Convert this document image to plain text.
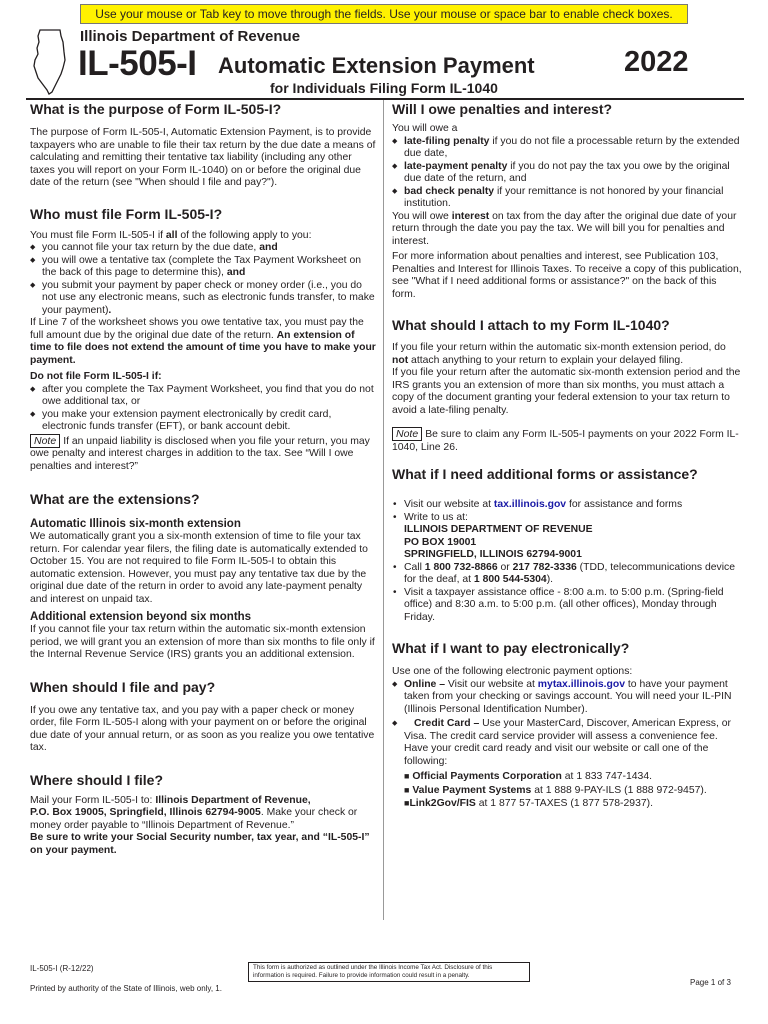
Use your mouse or Tab key to move through the fields. Use your mouse or space bar to enable check boxes.
Illinois Department of Revenue
IL-505-I Automatic Extension Payment	2022
for Individuals Filing Form IL-1040
What is the purpose of Form IL-505-I?

The purpose of Form IL-505-I, Automatic Extension Payment, is to provide taxpayers who are unable to file their tax return by the due date a means of calculating and remitting their tentative tax liability (including any other taxes you will report on your Form IL-1040) on or before the original due date of the return (see "When should I file and pay?").

Who must file Form IL-505-I?

You must file Form IL-505-I if all of the following apply to you:

◆ you cannot file your tax return by the due date, and
◆ you will owe a tentative tax (complete the Tax Payment Worksheet on the back of this page to determine this), and
◆ you submit your payment by paper check or money order (i.e., you do not use any electronic means, such as electronic funds transfer, to make your payment).

If Line 7 of the worksheet shows you owe tentative tax, you must pay the full amount due by the original due date of the return. An extension of time to file does not extend the amount of time you have to make your payment.

Do not file Form IL-505-I if:

◆ after you complete the Tax Payment Worksheet, you find that you do not owe additional tax, or
◆ you make your extension payment electronically by credit card, electronic funds transfer (EFT), or bank account debit.

Note If an unpaid liability is disclosed when you file your return, you may owe penalty and interest charges in addition to the tax. See “Will I owe penalties and interest?”

What are the extensions?
Automatic Illinois six-month extension

We automatically grant you a six-month extension of time to file your tax return. For calendar year filers, the filing date is automatically extended to October 15. You are not required to file Form IL-505-I to obtain this automatic extension. However, you must pay any tentative tax due by the original due date of the return in order to avoid any late-payment penalty and interest on unpaid tax.

Additional extension beyond six months

If you cannot file your tax return within the automatic six-month extension period, we will grant you an extension of more than six months to file only if the Internal Revenue Service (IRS) grants you an additional extension.

When should I file and pay?

If you owe any tentative tax, and you pay with a paper check or money order, file Form IL-505-I along with your payment on or before the original due date of your annual return, or as soon as you realize you owe tentative tax.

Where should I file?

Mail your Form IL-505-I to: Illinois Department of Revenue,
P.O. Box 19005, Springfield, Illinois 62794-9005. Make your check or money order payable to “Illinois Department of Revenue.”

Be sure to write your Social Security number, tax year, and “IL-505-I” on your payment.

Will I owe penalties and interest?

You will owe a

◆ late-filing penalty if you do not file a processable return by the extended due date,
◆ late-payment penalty if you do not pay the tax you owe by the original due date of the return, and
◆ bad check penalty if your remittance is not honored by your financial institution.

You will owe interest on tax from the day after the original due date of your return through the date you pay the tax. We will bill you for penalties and interest.

For more information about penalties and interest, see Publication 103, Penalties and Interest for Illinois Taxes. To receive a copy of this publication, see "What if I need additional forms or assistance?" on the back of this form.

What should I attach to my Form IL-1040?

If you file your return within the automatic six-month extension period, do not attach anything to your return to explain your delayed filing.

If you file your return after the automatic six-month extension period and the IRS grants you an extension of more than six months, you must attach a copy of the document granting your federal extension to your tax return to avoid a late-filing penalty.

Note Be sure to claim any Form IL-505-I payments on your 2022 Form IL-1040, Line 26.

What if I need additional forms or assistance?
• Visit our website at tax.illinois.gov for assistance and forms
• Write to us at:
ILLINOIS DEPARTMENT OF REVENUE
PO BOX 19001
SPRINGFIELD, ILLINOIS 62794-9001
• Call 1 800 732-8866 or 217 782-3336 (TDD, telecommunications device for the deaf, at 1 800 544-5304).
• Visit a taxpayer assistance office - 8:00 a.m. to 5:00 p.m. (Spring-field office) and 8:30 a.m. to 5:00 p.m. (all other offices), Monday through Friday.
What if I want to pay electronically?

Use one of the following electronic payment options:

◆ Online – Visit our website at mytax.illinois.gov to have your payment taken from your checking or savings account. You will need your IL-PIN (Illinois Personal Identification Number).
◆ Credit Card – Use your MasterCard, Discover, American Express, or Visa. The credit card service provider will assess a convenience fee. Have your credit card ready and visit our website or call one of the following:

■ Official Payments Corporation at 1 833 747-1434.

■ Value Payment Systems at 1 888 9-PAY-ILS (1 888 972-9457).

■Link2Gov/FIS at 1 877 57-TAXES (1 877 578-2937).

IL-505-I (R-12/22)
Printed by authority of the State of Illinois, web only, 1.
This form is authorized as outlined under the Illinois Income Tax Act. Disclosure of this information is required. Failure to provide information could result in a penalty.
Page 1 of 3
